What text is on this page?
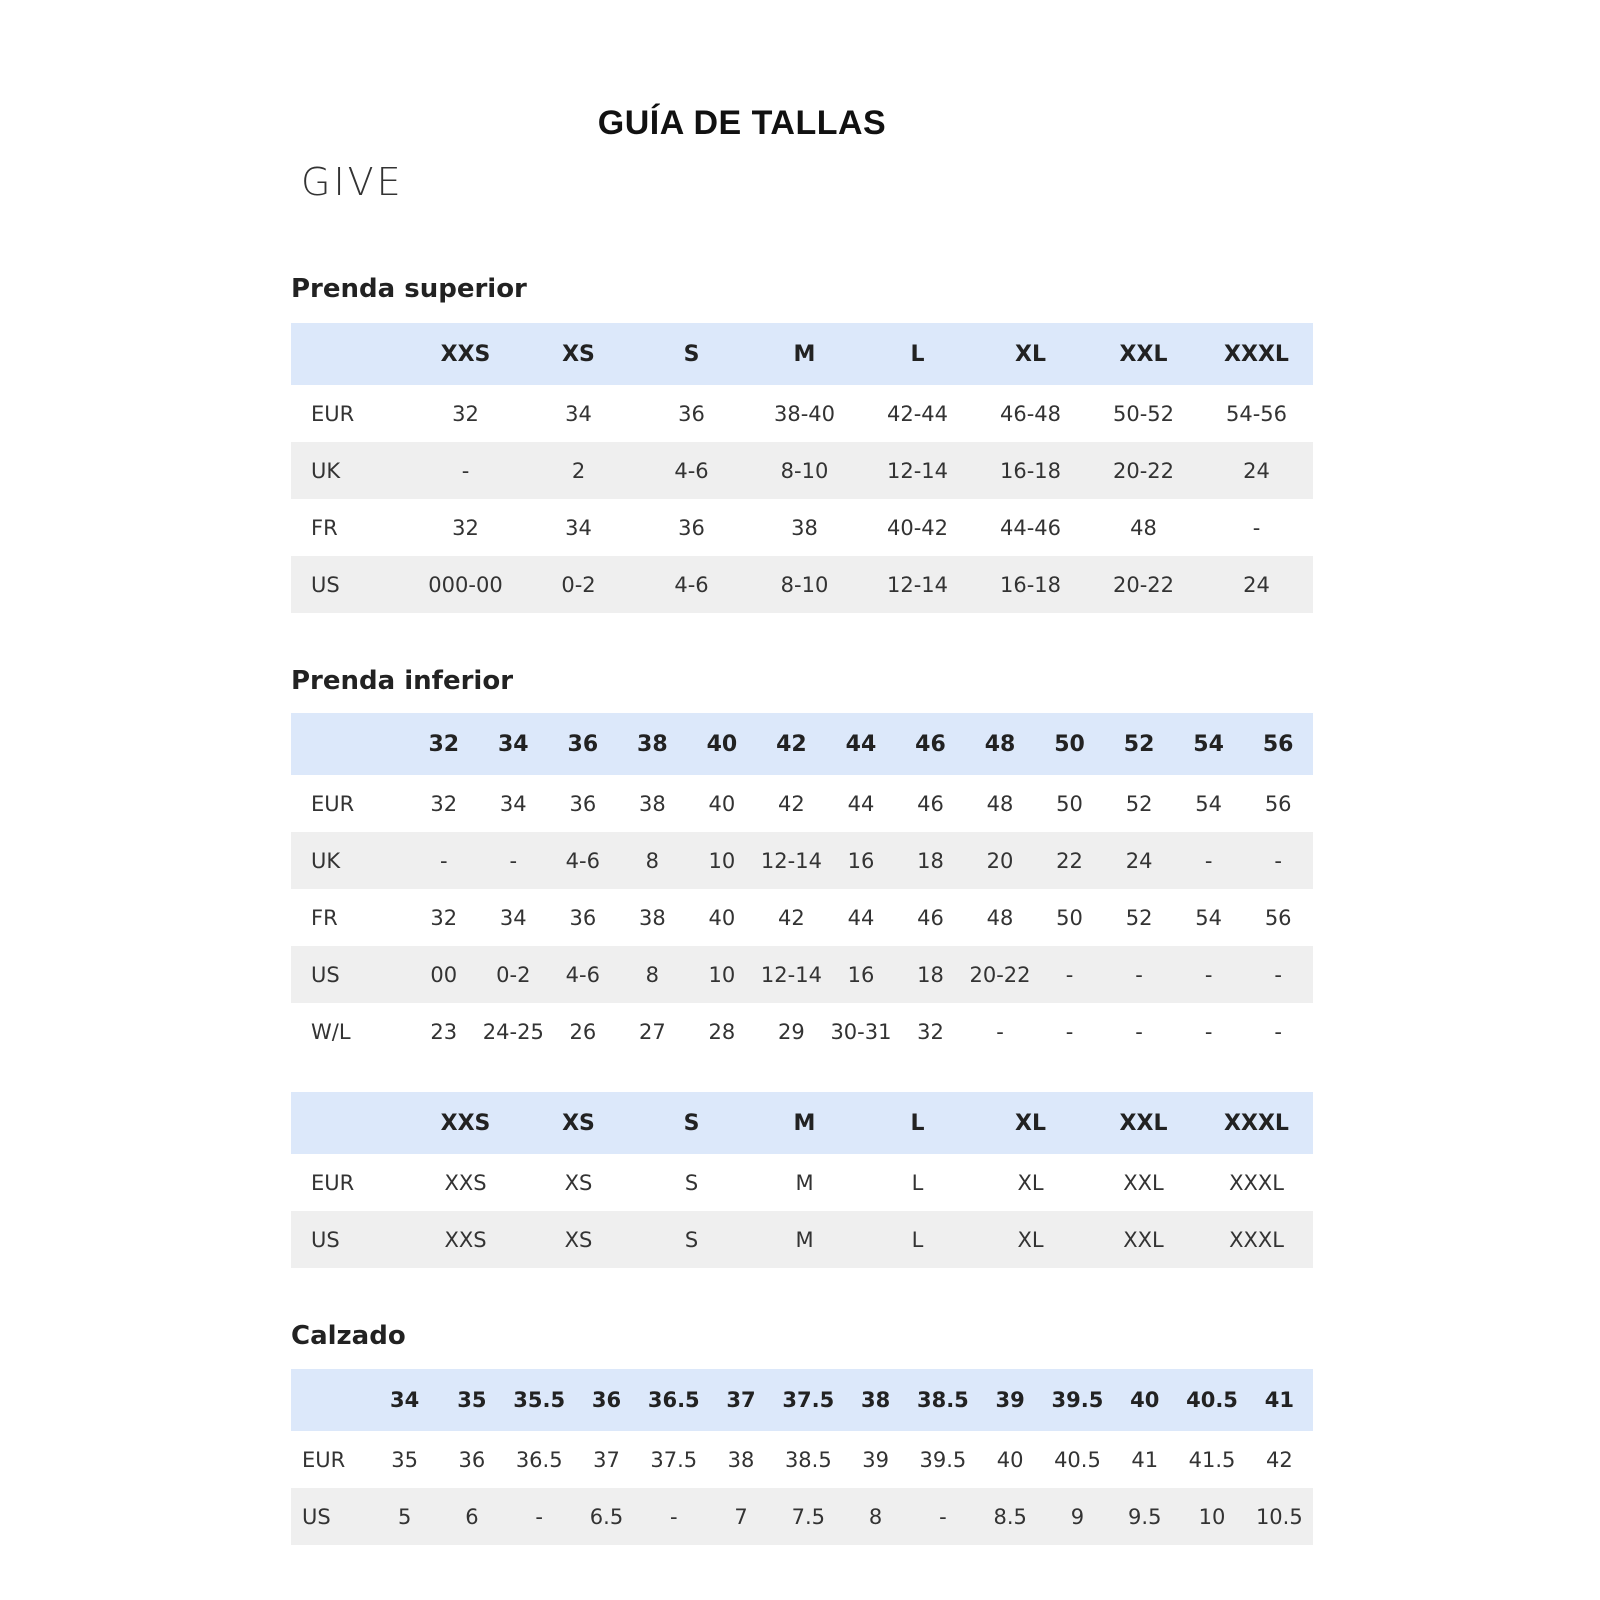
GUÍA DE TALLAS
GIVE
Prenda superior
	XXS	XS	S	M	L	XL	XXL	XXXL
EUR	32	34	36	38-40	42-44	46-48	50-52	54-56
UK	-	2	4-6	8-10	12-14	16-18	20-22	24
FR	32	34	36	38	40-42	44-46	48	-
US	000-00	0-2	4-6	8-10	12-14	16-18	20-22	24
Prenda inferior
	32	34	36	38	40	42	44	46	48	50	52	54	56
EUR	32	34	36	38	40	42	44	46	48	50	52	54	56
UK	-	-	4-6	8	10	12-14	16	18	20	22	24	-	-
FR	32	34	36	38	40	42	44	46	48	50	52	54	56
US	00	0-2	4-6	8	10	12-14	16	18	20-22	-	-	-	-
W/L	23	24-25	26	27	28	29	30-31	32	-	-	-	-	-
	XXS	XS	S	M	L	XL	XXL	XXXL
EUR	XXS	XS	S	M	L	XL	XXL	XXXL
US	XXS	XS	S	M	L	XL	XXL	XXXL
Calzado
	34	35	35.5	36	36.5	37	37.5	38	38.5	39	39.5	40	40.5	41
EUR	35	36	36.5	37	37.5	38	38.5	39	39.5	40	40.5	41	41.5	42
US	5	6	-	6.5	-	7	7.5	8	-	8.5	9	9.5	10	10.5
